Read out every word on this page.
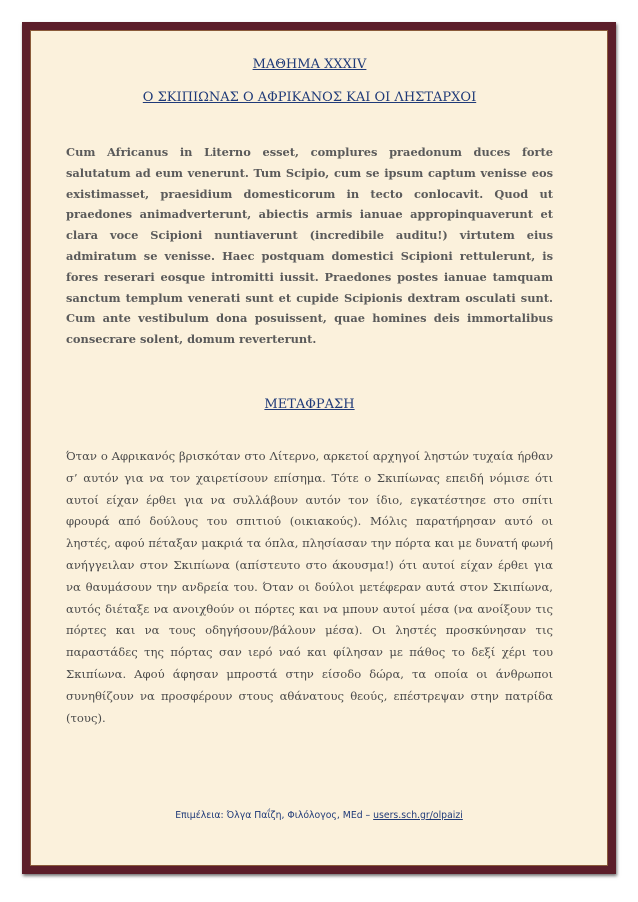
ΜΑΘΗΜΑ XXXIV

Ο ΣΚΙΠΙΩΝΑΣ Ο ΑΦΡΙΚΑΝΟΣ ΚΑΙ ΟΙ ΛΗΣΤΑΡΧΟΙ

Cum Africanus in Literno esset, complures praedonum duces forte salutatum ad eum venerunt. Tum Scipio, cum se ipsum captum venisse eos existimasset, praesidium domesticorum in tecto conlocavit. Quod ut praedones animadverterunt, abiectis armis ianuae appropinquaverunt et clara voce Scipioni nuntiaverunt (incredibile auditu!) virtutem eius admiratum se venisse. Haec postquam domestici Scipioni rettulerunt, is fores reserari eosque intromitti iussit. Praedones postes ianuae tamquam sanctum templum venerati sunt et cupide Scipionis dextram osculati sunt. Cum ante vestibulum dona posuissent, quae homines deis immortalibus consecrare solent, domum reverterunt.

ΜΕΤΑΦΡΑΣΗ

Όταν ο Αφρικανός βρισκόταν στο Λίτερνο, αρκετοί αρχηγοί ληστών τυχαία ήρθαν σ’ αυτόν για να τον χαιρετίσουν επίσημα. Τότε ο Σκιπίωνας επειδή νόμισε ότι αυτοί είχαν έρθει για να συλλάβουν αυτόν τον ίδιο, εγκατέστησε στο σπίτι φρουρά από δούλους του σπιτιού (οικιακούς). Μόλις παρατήρησαν αυτό οι ληστές, αφού πέταξαν μακριά τα όπλα, πλησίασαν την πόρτα και με δυνατή φωνή ανήγγειλαν στον Σκιπίωνα (απίστευτο στο άκουσμα!) ότι αυτοί είχαν έρθει για να θαυμάσουν την ανδρεία του. Όταν οι δούλοι μετέφεραν αυτά στον Σκιπίωνα, αυτός διέταξε να ανοιχθούν οι πόρτες και να μπουν αυτοί μέσα (να ανοίξουν τις πόρτες και να τους οδηγήσουν/βάλουν μέσα). Οι ληστές προσκύνησαν τις παραστάδες της πόρτας σαν ιερό ναό και φίλησαν με πάθος το δεξί χέρι του Σκιπίωνα. Αφού άφησαν μπροστά στην είσοδο δώρα, τα οποία οι άνθρωποι συνηθίζουν να προσφέρουν στους αθάνατους θεούς, επέστρεψαν στην πατρίδα (τους).

Επιμέλεια: Όλγα Παΐζη, Φιλόλογος, MEd – users.sch.gr/olpaizi
